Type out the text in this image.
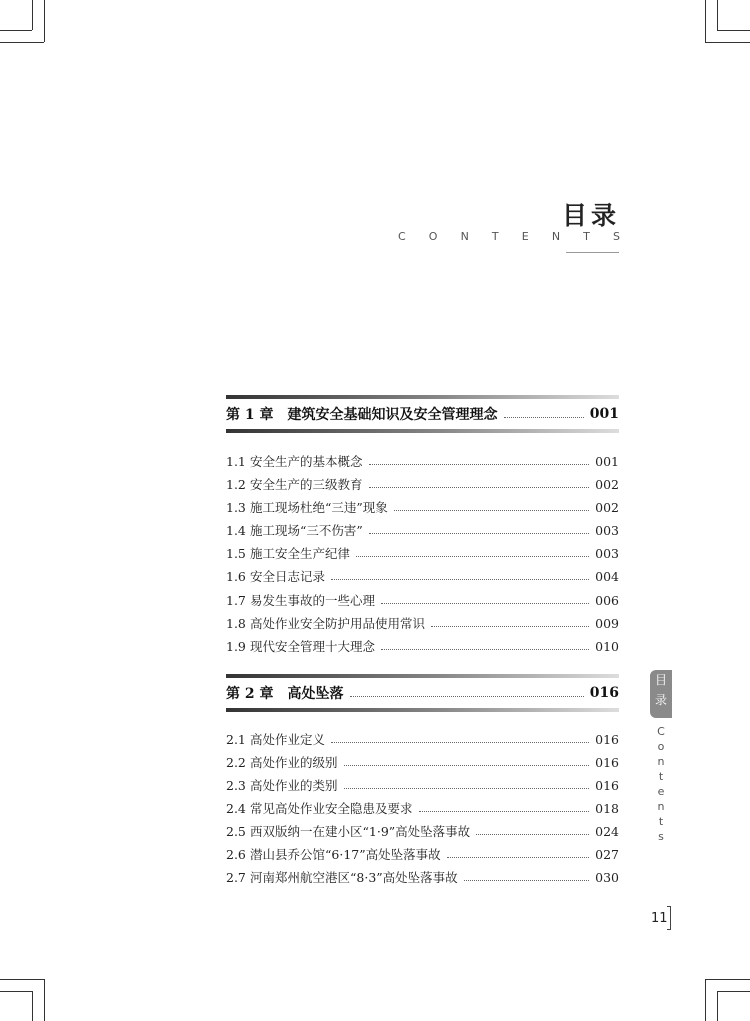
目录
C O N T E N T S
第 1 章 建筑安全基础知识及安全管理理念	001
1.1 安全生产的基本概念	001
1.2 安全生产的三级教育	002
1.3 施工现场杜绝“三违”现象	002
1.4 施工现场“三不伤害”	003
1.5 施工安全生产纪律	003
1.6 安全日志记录	004
1.7 易发生事故的一些心理	006
1.8 高处作业安全防护用品使用常识	009
1.9 现代安全管理十大理念	010
第 2 章 高处坠落	016
2.1 高处作业定义	016
2.2 高处作业的级别	016
2.3 高处作业的类别	016
2.4 常见高处作业安全隐患及要求	018
2.5 西双版纳一在建小区“1·9”高处坠落事故	024
2.6 潜山县乔公馆“6·17”高处坠落事故	027
2.7 河南郑州航空港区“8·3”高处坠落事故	030
目
录
C
o
n
t
e
n
t
s
11
